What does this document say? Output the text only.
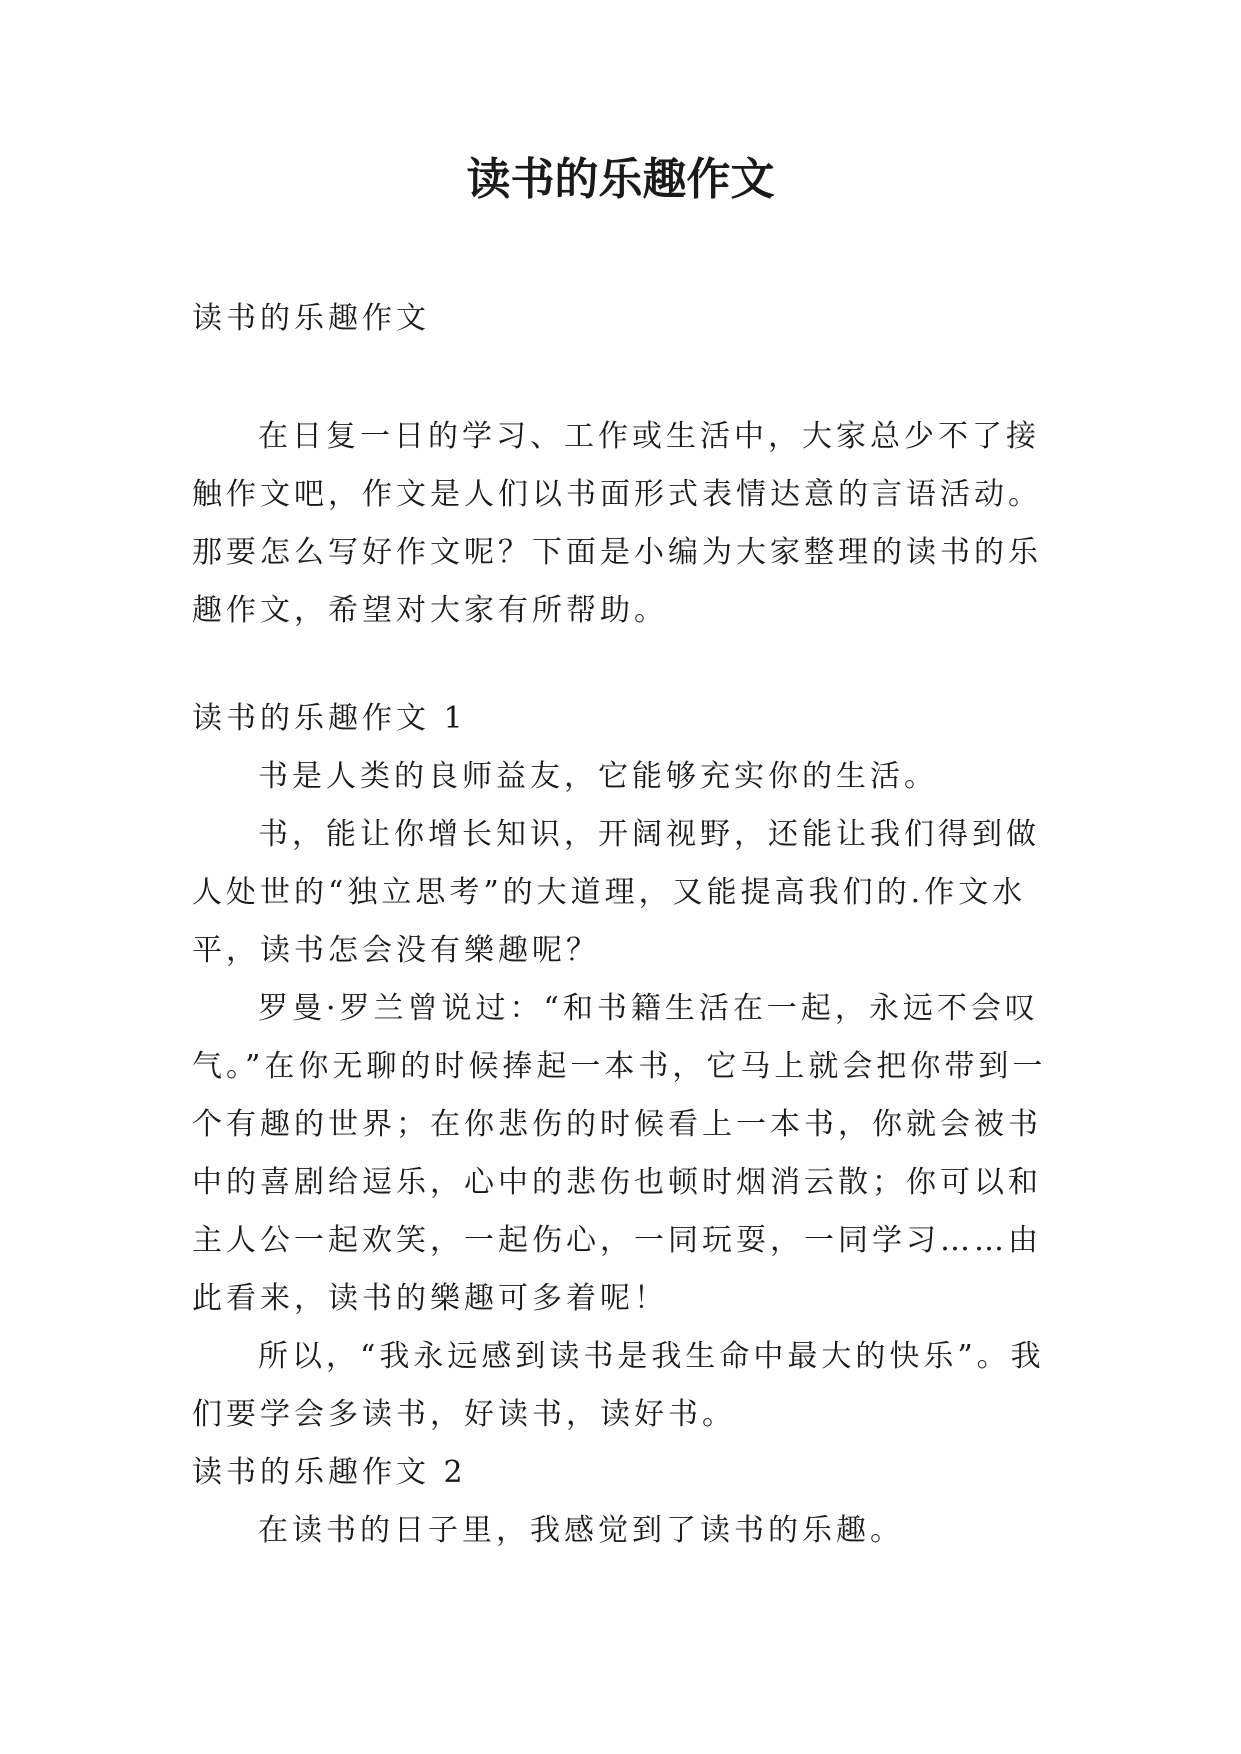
读书的乐趣作文

读书的乐趣作文

在日复一日的学习、工作或生活中，大家总少不了接触作文吧，作文是人们以书面形式表情达意的言语活动。那要怎么写好作文呢？下面是小编为大家整理的读书的乐趣作文，希望对大家有所帮助。

读书的乐趣作文 1

书是人类的良师益友，它能够充实你的生活。

书，能让你增长知识，开阔视野，还能让我们得到做人处世的“独立思考”的大道理，又能提高我们的.作文水平，读书怎会没有樂趣呢？

罗曼·罗兰曾说过：“和书籍生活在一起，永远不会叹气。”在你无聊的时候捧起一本书，它马上就会把你带到一个有趣的世界；在你悲伤的时候看上一本书，你就会被书中的喜剧给逗乐，心中的悲伤也顿时烟消云散；你可以和主人公一起欢笑，一起伤心，一同玩耍，一同学习……由此看来，读书的樂趣可多着呢！

所以，“我永远感到读书是我生命中最大的快乐”。我们要学会多读书，好读书，读好书。

读书的乐趣作文 2

在读书的日子里，我感觉到了读书的乐趣。
